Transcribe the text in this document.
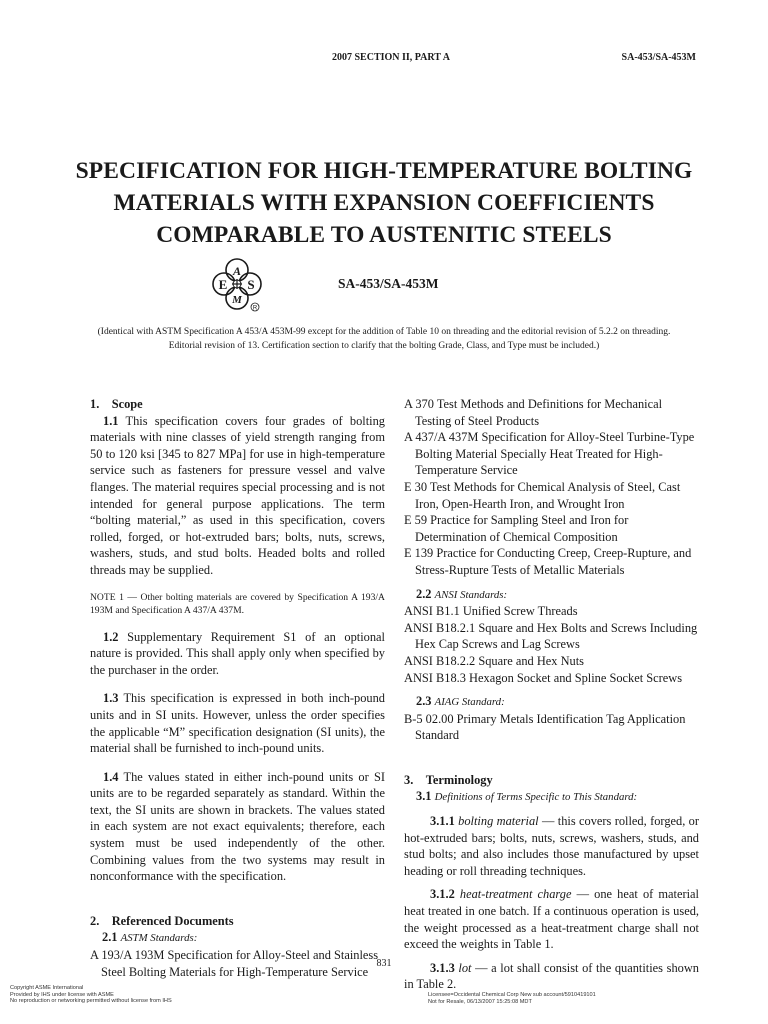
2007 SECTION II, PART A	SA-453/SA-453M
SPECIFICATION FOR HIGH-TEMPERATURE BOLTING
MATERIALS WITH EXPANSION COEFFICIENTS
COMPARABLE TO AUSTENITIC STEELS
A
E S
M
R
SA-453/SA-453M
(Identical with ASTM Specification A 453/A 453M-99 except for the addition of Table 10 on threading and the editorial revision of 5.2.2 on threading. Editorial revision of 13. Certification section to clarify that the bolting Grade, Class, and Type must be included.)

1. Scope

1.1 This specification covers four grades of bolting materials with nine classes of yield strength ranging from 50 to 120 ksi [345 to 827 MPa] for use in high-temperature service such as fasteners for pressure vessel and valve flanges. The material requires special processing and is not intended for general purpose applications. The term “bolting material,” as used in this specification, covers rolled, forged, or hot-extruded bars; bolts, nuts, screws, washers, studs, and stud bolts. Headed bolts and rolled threads may be supplied.

NOTE 1 — Other bolting materials are covered by Specification A 193/A 193M and Specification A 437/A 437M.

1.2 Supplementary Requirement S1 of an optional nature is provided. This shall apply only when specified by the purchaser in the order.

1.3 This specification is expressed in both inch-pound units and in SI units. However, unless the order specifies the applicable “M” specification designation (SI units), the material shall be furnished to inch-pound units.

1.4 The values stated in either inch-pound units or SI units are to be regarded separately as standard. Within the text, the SI units are shown in brackets. The values stated in each system are not exact equivalents; therefore, each system must be used independently of the other. Combining values from the two systems may result in nonconformance with the specification.

2. Referenced Documents

2.1 ASTM Standards:

A 193/A 193M Specification for Alloy-Steel and Stainless Steel Bolting Materials for High-Temperature Service

A 370 Test Methods and Definitions for Mechanical Testing of Steel Products

A 437/A 437M Specification for Alloy-Steel Turbine-Type Bolting Material Specially Heat Treated for High-Temperature Service

E 30 Test Methods for Chemical Analysis of Steel, Cast Iron, Open-Hearth Iron, and Wrought Iron

E 59 Practice for Sampling Steel and Iron for Determination of Chemical Composition

E 139 Practice for Conducting Creep, Creep-Rupture, and Stress-Rupture Tests of Metallic Materials

2.2 ANSI Standards:

ANSI B1.1 Unified Screw Threads

ANSI B18.2.1 Square and Hex Bolts and Screws Including Hex Cap Screws and Lag Screws

ANSI B18.2.2 Square and Hex Nuts

ANSI B18.3 Hexagon Socket and Spline Socket Screws

2.3 AIAG Standard:

B-5 02.00 Primary Metals Identification Tag Application Standard

3. Terminology

3.1 Definitions of Terms Specific to This Standard:

3.1.1 bolting material — this covers rolled, forged, or hot-extruded bars; bolts, nuts, screws, washers, studs, and stud bolts; and also includes those manufactured by upset heading or roll threading techniques.

3.1.2 heat-treatment charge — one heat of material heat treated in one batch. If a continuous operation is used, the weight processed as a heat-treatment charge shall not exceed the weights in Table 1.

3.1.3 lot — a lot shall consist of the quantities shown in Table 2.

831
Copyright ASME International
Provided by IHS under license with ASME
No reproduction or networking permitted without license from IHS
Licensee=Occidental Chemical Corp New sub account/5910419101
Not for Resale, 06/13/2007 15:25:08 MDT
